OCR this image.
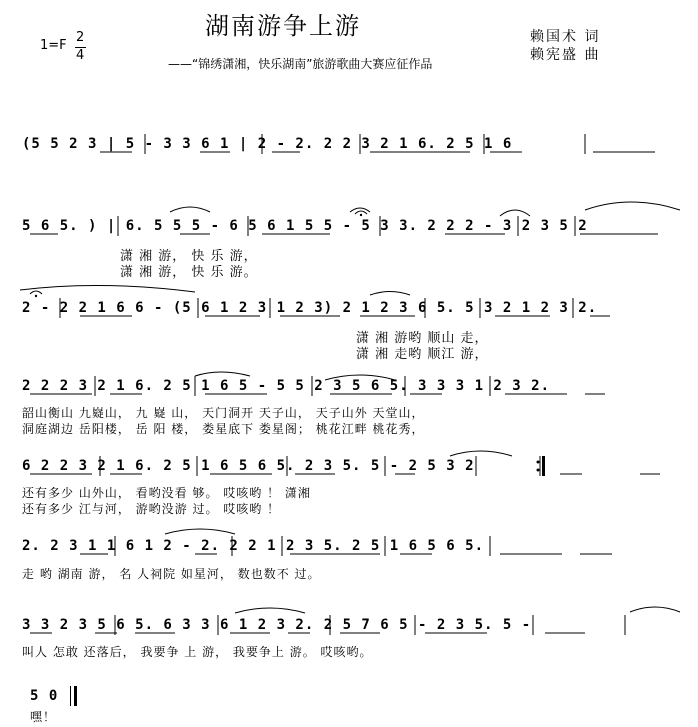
湖南游争上游
1=F
2
4
——“锦绣潇湘，快乐湖南”旅游歌曲大赛应征作品
赖国术 词
赖宪盛 曲
(5 5 2 3 | 5 - 3 3 6 1 | 2 - 2. 2 2 3 2 1 6. 2 5 1 6
5 6 5. ) | 6. 5 5 5 - 6 5 6 1 5 5 - 5 3 3. 2 2 2 - 3 2 3 5 2
潇 湘 游， 快 乐 游，
潇 湘 游， 快 乐 游。
2 - 2 2 1 6 6 - (5 6 1 2 3 1 2 3) 2 1 2 3 6 5. 5 3 2 1 2 3 2.
潇 湘 游哟 顺山 走，
潇 湘 走哟 顺江 游，
2 2 2 3 2 1 6. 2 5 1 6 5 - 5 5 2 3 5 6 5. 3 3 3 1 2 3 2.
韶山衡山 九嶷山， 九 嶷 山， 天门洞开 天子山， 天子山外 天堂山，
洞庭湖边 岳阳楼， 岳 阳 楼， 娄星底下 娄星阁； 桃花江畔 桃花秀，
6 2 2 3 2 1 6. 2 5 1 6 5 6 5. 2 3 5. 5 - 2 5 3 2
还有多少 山外山， 看哟没看 够。 哎咳哟 ！ 潇湘
还有多少 江与河， 游哟没游 过。 哎咳哟 ！
2. 2 3 1 1 6 1 2 - 2. 2 2 1 2 3 5. 2 5 1 6 5 6 5.
走 哟 湖南 游， 名 人祠院 如星河， 数也数不 过。
3 3 2 3 5 6 5. 6 3 3 6 1 2 3 2. 2 5 7 6 5 - 2 3 5. 5 -
叫人 怎敢 还落后， 我要争 上 游， 我要争上 游。 哎咳哟。
5 0
嘿！
